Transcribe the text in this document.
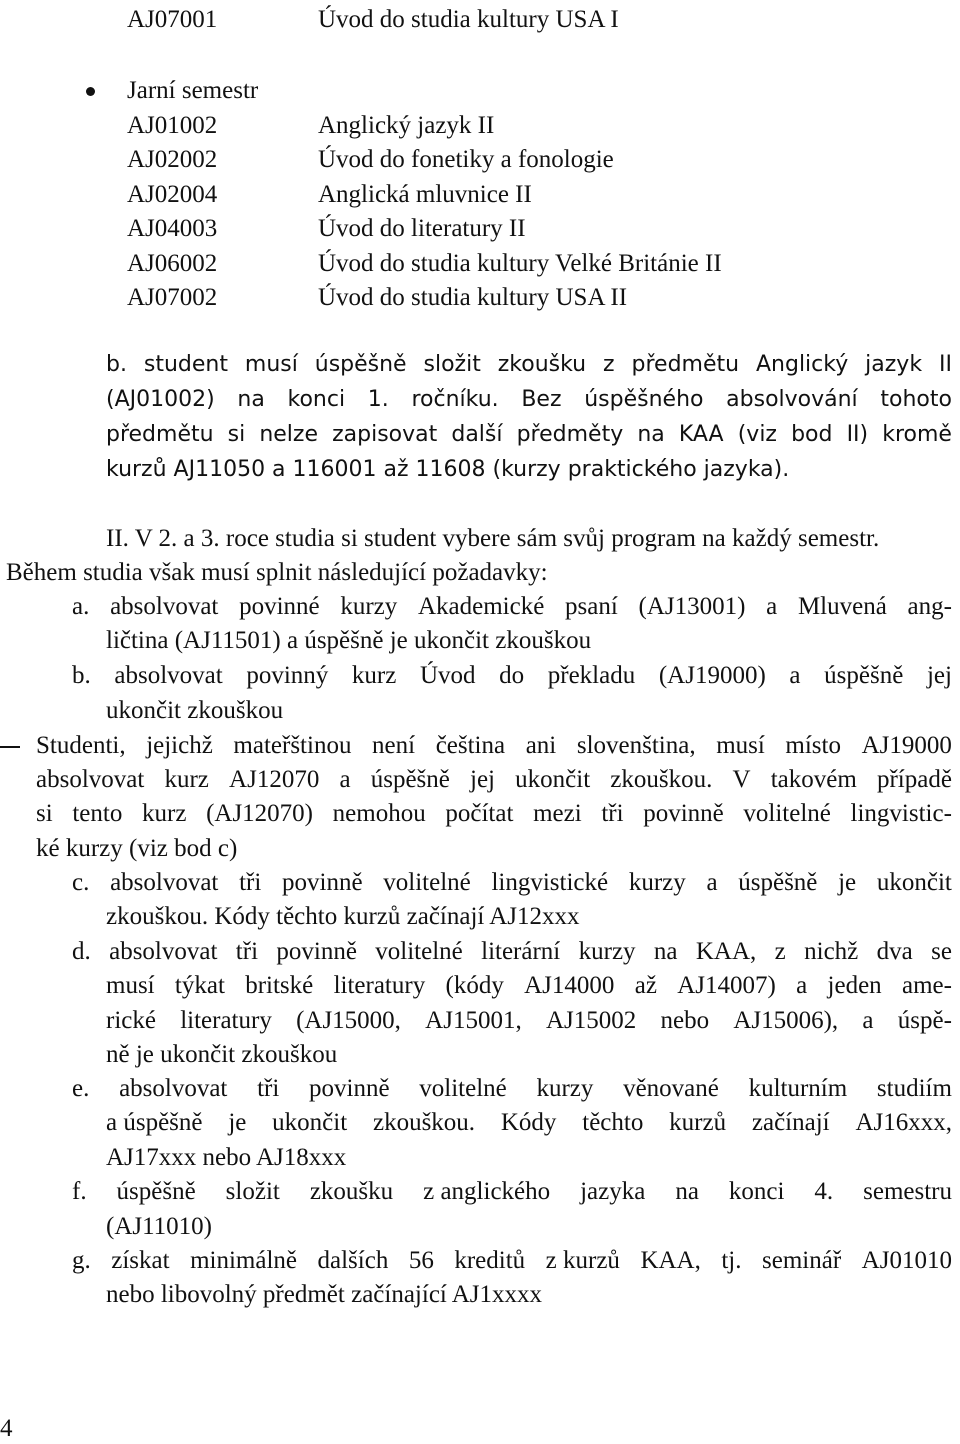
AJ07001	Úvod do studia kultury USA I
Jarní semestr
AJ01002	Anglický jazyk II
AJ02002	Úvod do fonetiky a fonologie
AJ02004	Anglická mluvnice II
AJ04003	Úvod do literatury II
AJ06002	Úvod do studia kultury Velké Británie II
AJ07002	Úvod do studia kultury USA II
b. student musí úspěšně složit zkoušku z předmětu Anglický jazyk II
(AJ01002) na konci 1. ročníku. Bez úspěšného absolvování tohoto
předmětu si nelze zapisovat další předměty na KAA (viz bod II) kromě
kurzů AJ11050 a 116001 až 11608 (kurzy praktického jazyka).
II. V 2. a 3. roce studia si student vybere sám svůj program na každý semestr.
Během studia však musí splnit následující požadavky:
a. absolvovat povinné kurzy Akademické psaní (AJ13001) a Mluvená ang-
ličtina (AJ11501) a úspěšně je ukončit zkouškou
b. absolvovat povinný kurz Úvod do překladu (AJ19000) a úspěšně jej
ukončit zkouškou
Studenti, jejichž mateřštinou není čeština ani slovenština, musí místo AJ19000
absolvovat kurz AJ12070 a úspěšně jej ukončit zkouškou. V takovém případě
si tento kurz (AJ12070) nemohou počítat mezi tři povinně volitelné lingvistic-
ké kurzy (viz bod c)
c. absolvovat tři povinně volitelné lingvistické kurzy a úspěšně je ukončit
zkouškou. Kódy těchto kurzů začínají AJ12xxx
d. absolvovat tři povinně volitelné literární kurzy na KAA, z nichž dva se
musí týkat britské literatury (kódy AJ14000 až AJ14007) a jeden ame-
rické literatury (AJ15000, AJ15001, AJ15002 nebo AJ15006), a úspě-
ně je ukončit zkouškou
e. absolvovat tři povinně volitelné kurzy věnované kulturním studiím
a úspěšně je ukončit zkouškou. Kódy těchto kurzů začínají AJ16xxx,
AJ17xxx nebo AJ18xxx
f. úspěšně složit zkoušku z anglického jazyka na konci 4. semestru
(AJ11010)
g. získat minimálně dalších 56 kreditů z kurzů KAA, tj. seminář AJ01010
nebo libovolný předmět začínající AJ1xxxx
4
